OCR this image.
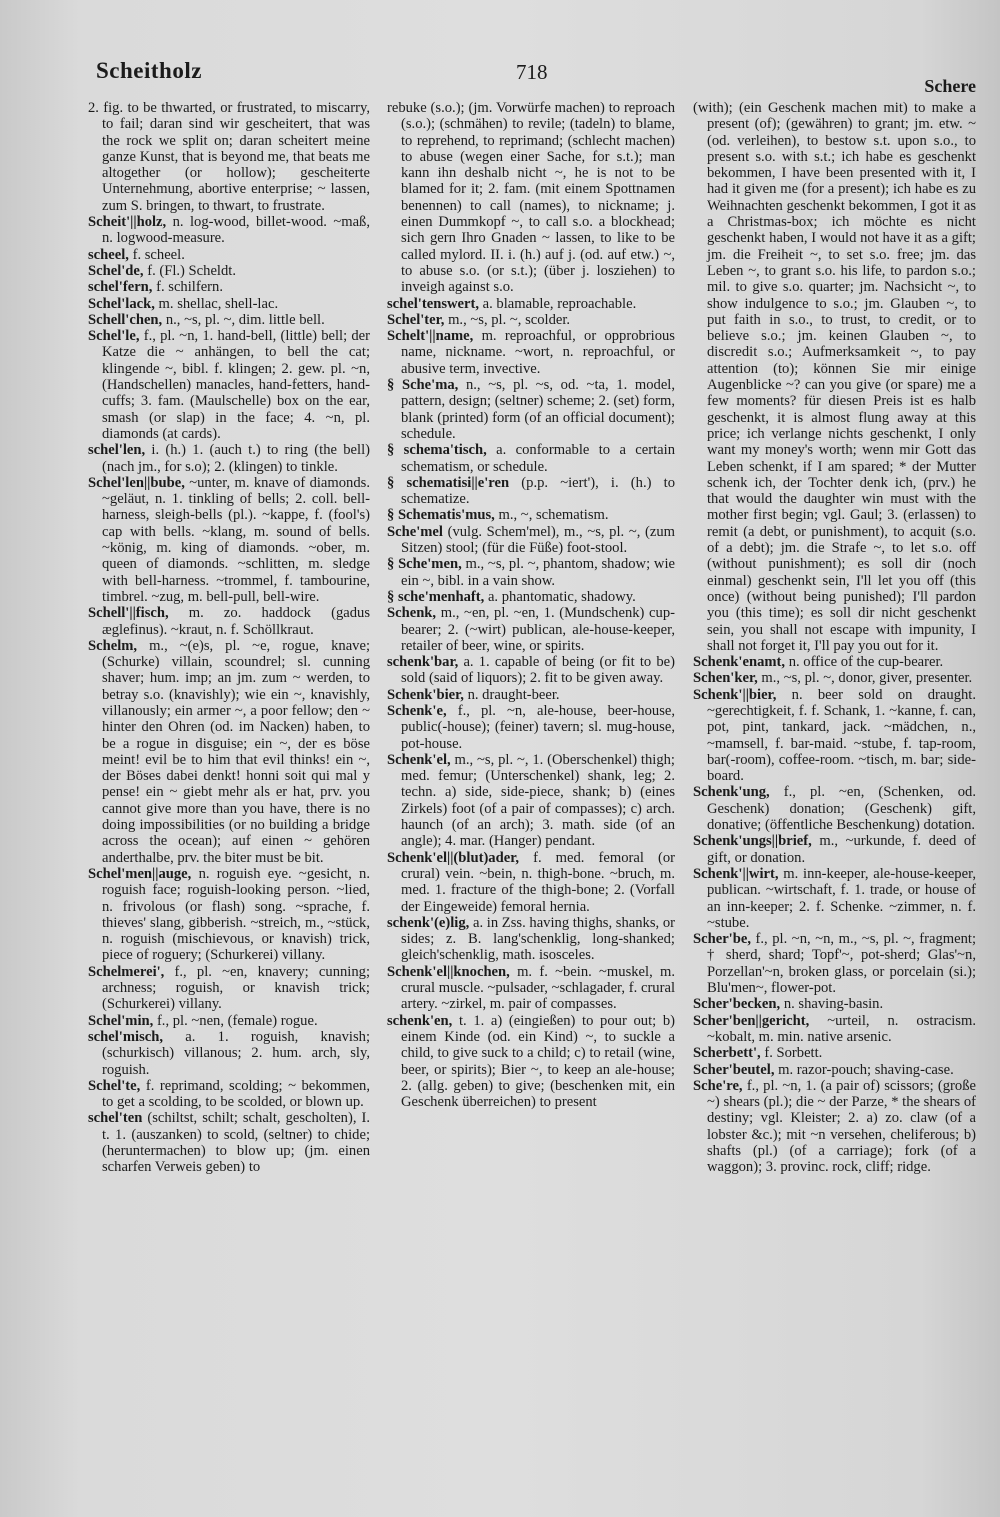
Scheitholz	718
Schere
2. fig. to be thwarted, or frustrated, to miscarry, to fail; daran sind wir gescheitert, that was the rock we split on; daran scheitert meine ganze Kunst, that is beyond me, that beats me altogether (or hollow); gescheiterte Unternehmung, abortive enterprise; ~ lassen, zum S. bringen, to thwart, to frustrate.
Scheit'||holz, n. log-wood, billet-wood. ~maß, n. logwood-measure.
scheel, f. scheel.
Schel'de, f. (Fl.) Scheldt.
schel'fern, f. schilfern.
Schel'lack, m. shellac, shell-lac.
Schell'chen, n., ~s, pl. ~, dim. little bell.
Schel'le, f., pl. ~n, 1. hand-bell, (little) bell; der Katze die ~ anhängen, to bell the cat; klingende ~, bibl. f. klingen; 2. gew. pl. ~n, (Handschellen) manacles, hand-fetters, hand-cuffs; 3. fam. (Maulschelle) box on the ear, smash (or slap) in the face; 4. ~n, pl. diamonds (at cards).
schel'len, i. (h.) 1. (auch t.) to ring (the bell) (nach jm., for s.o); 2. (klingen) to tinkle.
Schel'len||bube, ~unter, m. knave of diamonds. ~geläut, n. 1. tinkling of bells; 2. coll. bell-harness, sleigh-bells (pl.). ~kappe, f. (fool's) cap with bells. ~klang, m. sound of bells. ~könig, m. king of diamonds. ~ober, m. queen of diamonds. ~schlitten, m. sledge with bell-harness. ~trommel, f. tambourine, timbrel. ~zug, m. bell-pull, bell-wire.
Schell'||fisch, m. zo. haddock (gadus æglefinus). ~kraut, n. f. Schöllkraut.
Schelm, m., ~(e)s, pl. ~e, rogue, knave; (Schurke) villain, scoundrel; sl. cunning shaver; hum. imp; an jm. zum ~ werden, to betray s.o. (knavishly); wie ein ~, knavishly, villanously; ein armer ~, a poor fellow; den ~ hinter den Ohren (od. im Nacken) haben, to be a rogue in disguise; ein ~, der es böse meint! evil be to him that evil thinks! ein ~, der Böses dabei denkt! honni soit qui mal y pense! ein ~ giebt mehr als er hat, prv. you cannot give more than you have, there is no doing impossibilities (or no building a bridge across the ocean); auf einen ~ gehören anderthalbe, prv. the biter must be bit.
Schel'men||auge, n. roguish eye. ~gesicht, n. roguish face; roguish-looking person. ~lied, n. frivolous (or flash) song. ~sprache, f. thieves' slang, gibberish. ~streich, m., ~stück, n. roguish (mischievous, or knavish) trick, piece of roguery; (Schurkerei) villany.
Schelmerei', f., pl. ~en, knavery; cunning; archness; roguish, or knavish trick; (Schurkerei) villany.
Schel'min, f., pl. ~nen, (female) rogue.
schel'misch, a. 1. roguish, knavish; (schurkisch) villanous; 2. hum. arch, sly, roguish.
Schel'te, f. reprimand, scolding; ~ bekommen, to get a scolding, to be scolded, or blown up.
schel'ten (schiltst, schilt; schalt, gescholten), I. t. 1. (auszanken) to scold, (seltner) to chide; (heruntermachen) to blow up; (jm. einen scharfen Verweis geben) to
rebuke (s.o.); (jm. Vorwürfe machen) to reproach (s.o.); (schmähen) to revile; (tadeln) to blame, to reprehend, to reprimand; (schlecht machen) to abuse (wegen einer Sache, for s.t.); man kann ihn deshalb nicht ~, he is not to be blamed for it; 2. fam. (mit einem Spottnamen benennen) to call (names), to nickname; j. einen Dummkopf ~, to call s.o. a blockhead; sich gern Ihro Gnaden ~ lassen, to like to be called mylord. II. i. (h.) auf j. (od. auf etw.) ~, to abuse s.o. (or s.t.); (über j. losziehen) to inveigh against s.o.
schel'tenswert, a. blamable, reproachable.
Schel'ter, m., ~s, pl. ~, scolder.
Schelt'||name, m. reproachful, or opprobrious name, nickname. ~wort, n. reproachful, or abusive term, invective.
§ Sche'ma, n., ~s, pl. ~s, od. ~ta, 1. model, pattern, design; (seltner) scheme; 2. (set) form, blank (printed) form (of an official document); schedule.
§ schema'tisch, a. conformable to a certain schematism, or schedule.
§ schematisi||e'ren (p.p. ~iert'), i. (h.) to schematize.
§ Schematis'mus, m., ~, schematism.
Sche'mel (vulg. Schem'mel), m., ~s, pl. ~, (zum Sitzen) stool; (für die Füße) foot-stool.
§ Sche'men, m., ~s, pl. ~, phantom, shadow; wie ein ~, bibl. in a vain show.
§ sche'menhaft, a. phantomatic, shadowy.
Schenk, m., ~en, pl. ~en, 1. (Mundschenk) cup-bearer; 2. (~wirt) publican, ale-house-keeper, retailer of beer, wine, or spirits.
schenk'bar, a. 1. capable of being (or fit to be) sold (said of liquors); 2. fit to be given away.
Schenk'bier, n. draught-beer.
Schenk'e, f., pl. ~n, ale-house, beer-house, public(-house); (feiner) tavern; sl. mug-house, pot-house.
Schenk'el, m., ~s, pl. ~, 1. (Oberschenkel) thigh; med. femur; (Unterschenkel) shank, leg; 2. techn. a) side, side-piece, shank; b) (eines Zirkels) foot (of a pair of compasses); c) arch. haunch (of an arch); 3. math. side (of an angle); 4. mar. (Hanger) pendant.
Schenk'el||(blut)ader, f. med. femoral (or crural) vein. ~bein, n. thigh-bone. ~bruch, m. med. 1. fracture of the thigh-bone; 2. (Vorfall der Eingeweide) femoral hernia.
schenk'(e)lig, a. in Zss. having thighs, shanks, or sides; z. B. lang'schenklig, long-shanked; gleich'schenklig, math. isosceles.
Schenk'el||knochen, m. f. ~bein. ~muskel, m. crural muscle. ~pulsader, ~schlagader, f. crural artery. ~zirkel, m. pair of compasses.
schenk'en, t. 1. a) (eingießen) to pour out; b) einem Kinde (od. ein Kind) ~, to suckle a child, to give suck to a child; c) to retail (wine, beer, or spirits); Bier ~, to keep an ale-house; 2. (allg. geben) to give; (beschenken mit, ein Geschenk überreichen) to present
(with); (ein Geschenk machen mit) to make a present (of); (gewähren) to grant; jm. etw. ~ (od. verleihen), to bestow s.t. upon s.o., to present s.o. with s.t.; ich habe es geschenkt bekommen, I have been presented with it, I had it given me (for a present); ich habe es zu Weihnachten geschenkt bekommen, I got it as a Christmas-box; ich möchte es nicht geschenkt haben, I would not have it as a gift; jm. die Freiheit ~, to set s.o. free; jm. das Leben ~, to grant s.o. his life, to pardon s.o.; mil. to give s.o. quarter; jm. Nachsicht ~, to show indulgence to s.o.; jm. Glauben ~, to put faith in s.o., to trust, to credit, or to believe s.o.; jm. keinen Glauben ~, to discredit s.o.; Aufmerksamkeit ~, to pay attention (to); können Sie mir einige Augenblicke ~? can you give (or spare) me a few moments? für diesen Preis ist es halb geschenkt, it is almost flung away at this price; ich verlange nichts geschenkt, I only want my money's worth; wenn mir Gott das Leben schenkt, if I am spared; * der Mutter schenk ich, der Tochter denk ich, (prv.) he that would the daughter win must with the mother first begin; vgl. Gaul; 3. (erlassen) to remit (a debt, or punishment), to acquit (s.o. of a debt); jm. die Strafe ~, to let s.o. off (without punishment); es soll dir (noch einmal) geschenkt sein, I'll let you off (this once) (without being punished); I'll pardon you (this time); es soll dir nicht geschenkt sein, you shall not escape with impunity, I shall not forget it, I'll pay you out for it.
Schenk'enamt, n. office of the cup-bearer.
Schen'ker, m., ~s, pl. ~, donor, giver, presenter.
Schenk'||bier, n. beer sold on draught. ~gerechtigkeit, f. f. Schank, 1. ~kanne, f. can, pot, pint, tankard, jack. ~mädchen, n., ~mamsell, f. bar-maid. ~stube, f. tap-room, bar(-room), coffee-room. ~tisch, m. bar; side-board.
Schenk'ung, f., pl. ~en, (Schenken, od. Geschenk) donation; (Geschenk) gift, donative; (öffentliche Beschenkung) dotation.
Schenk'ungs||brief, m., ~urkunde, f. deed of gift, or donation.
Schenk'||wirt, m. inn-keeper, ale-house-keeper, publican. ~wirtschaft, f. 1. trade, or house of an inn-keeper; 2. f. Schenke. ~zimmer, n. f. ~stube.
Scher'be, f., pl. ~n, ~n, m., ~s, pl. ~, fragment; † sherd, shard; Topf'~, pot-sherd; Glas'~n, Porzellan'~n, broken glass, or porcelain (si.); Blu'men~, flower-pot.
Scher'becken, n. shaving-basin.
Scher'ben||gericht, ~urteil, n. ostracism. ~kobalt, m. min. native arsenic.
Scherbett', f. Sorbett.
Scher'beutel, m. razor-pouch; shaving-case.
Sche're, f., pl. ~n, 1. (a pair of) scissors; (große ~) shears (pl.); die ~ der Parze, * the shears of destiny; vgl. Kleister; 2. a) zo. claw (of a lobster &c.); mit ~n versehen, cheliferous; b) shafts (pl.) (of a carriage); fork (of a waggon); 3. provinc. rock, cliff; ridge.
